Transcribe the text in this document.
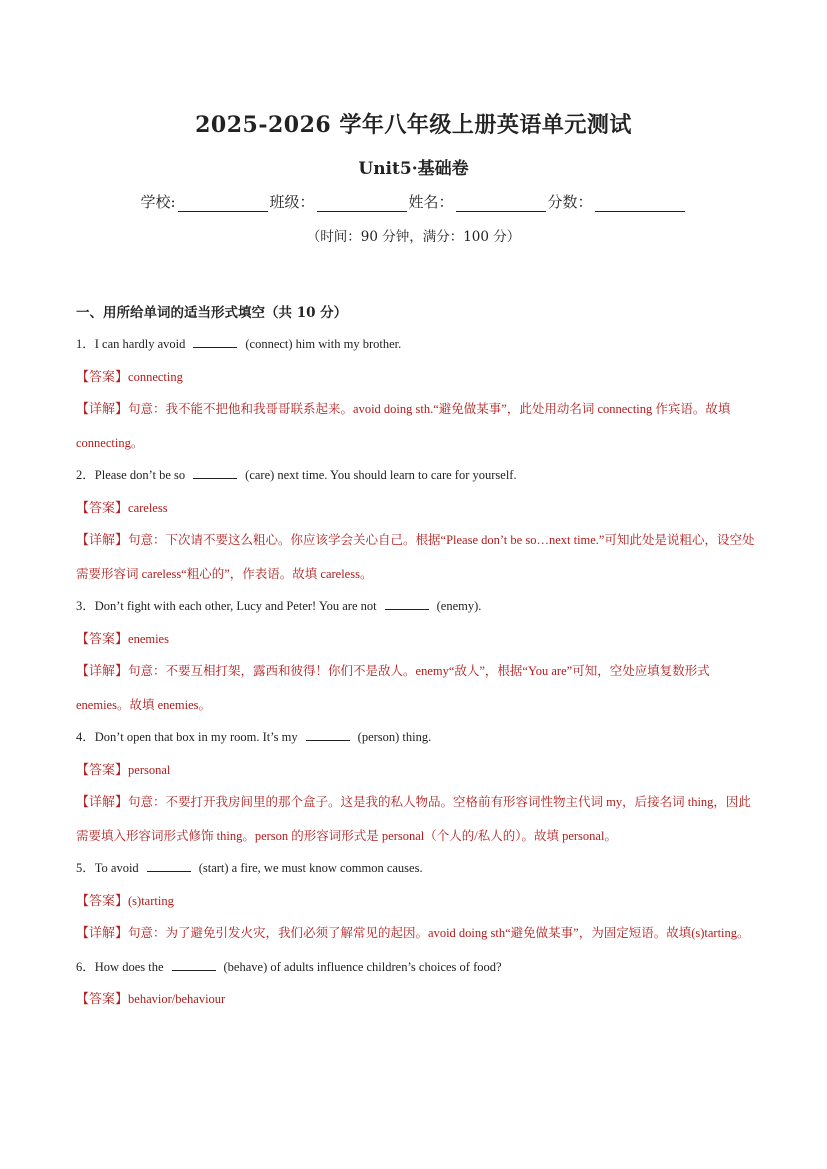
2025-2026 学年八年级上册英语单元测试
Unit5·基础卷
学校:	班级：	姓名：	分数：
（时间：90 分钟，满分：100 分）
一、用所给单词的适当形式填空（共 10 分）
1．I can hardly avoid	(connect) him with my brother.
【答案】connecting
【详解】句意：我不能不把他和我哥哥联系起来。avoid doing sth.“避免做某事”，此处用动名词 connecting 作宾语。故填 connecting。
2．Please don’t be so	(care) next time. You should learn to care for yourself.
【答案】careless
【详解】句意：下次请不要这么粗心。你应该学会关心自己。根据“Please don’t be so…next time.”可知此处是说粗心，设空处需要形容词 careless“粗心的”，作表语。故填 careless。
3．Don’t fight with each other, Lucy and Peter! You are not	(enemy).
【答案】enemies
【详解】句意：不要互相打架，露西和彼得！你们不是敌人。enemy“敌人”，根据“You are”可知，空处应填复数形式 enemies。故填 enemies。
4．Don’t open that box in my room. It’s my	(person) thing.
【答案】personal
【详解】句意：不要打开我房间里的那个盒子。这是我的私人物品。空格前有形容词性物主代词 my，后接名词 thing，因此需要填入形容词形式修饰 thing。person 的形容词形式是 personal（个人的/私人的）。故填 personal。
5．To avoid	(start) a fire, we must know common causes.
【答案】(s)tarting
【详解】句意：为了避免引发火灾，我们必须了解常见的起因。avoid doing sth“避免做某事”，为固定短语。故填(s)tarting。
6．How does the	(behave) of adults influence children’s choices of food?
【答案】behavior/behaviour
